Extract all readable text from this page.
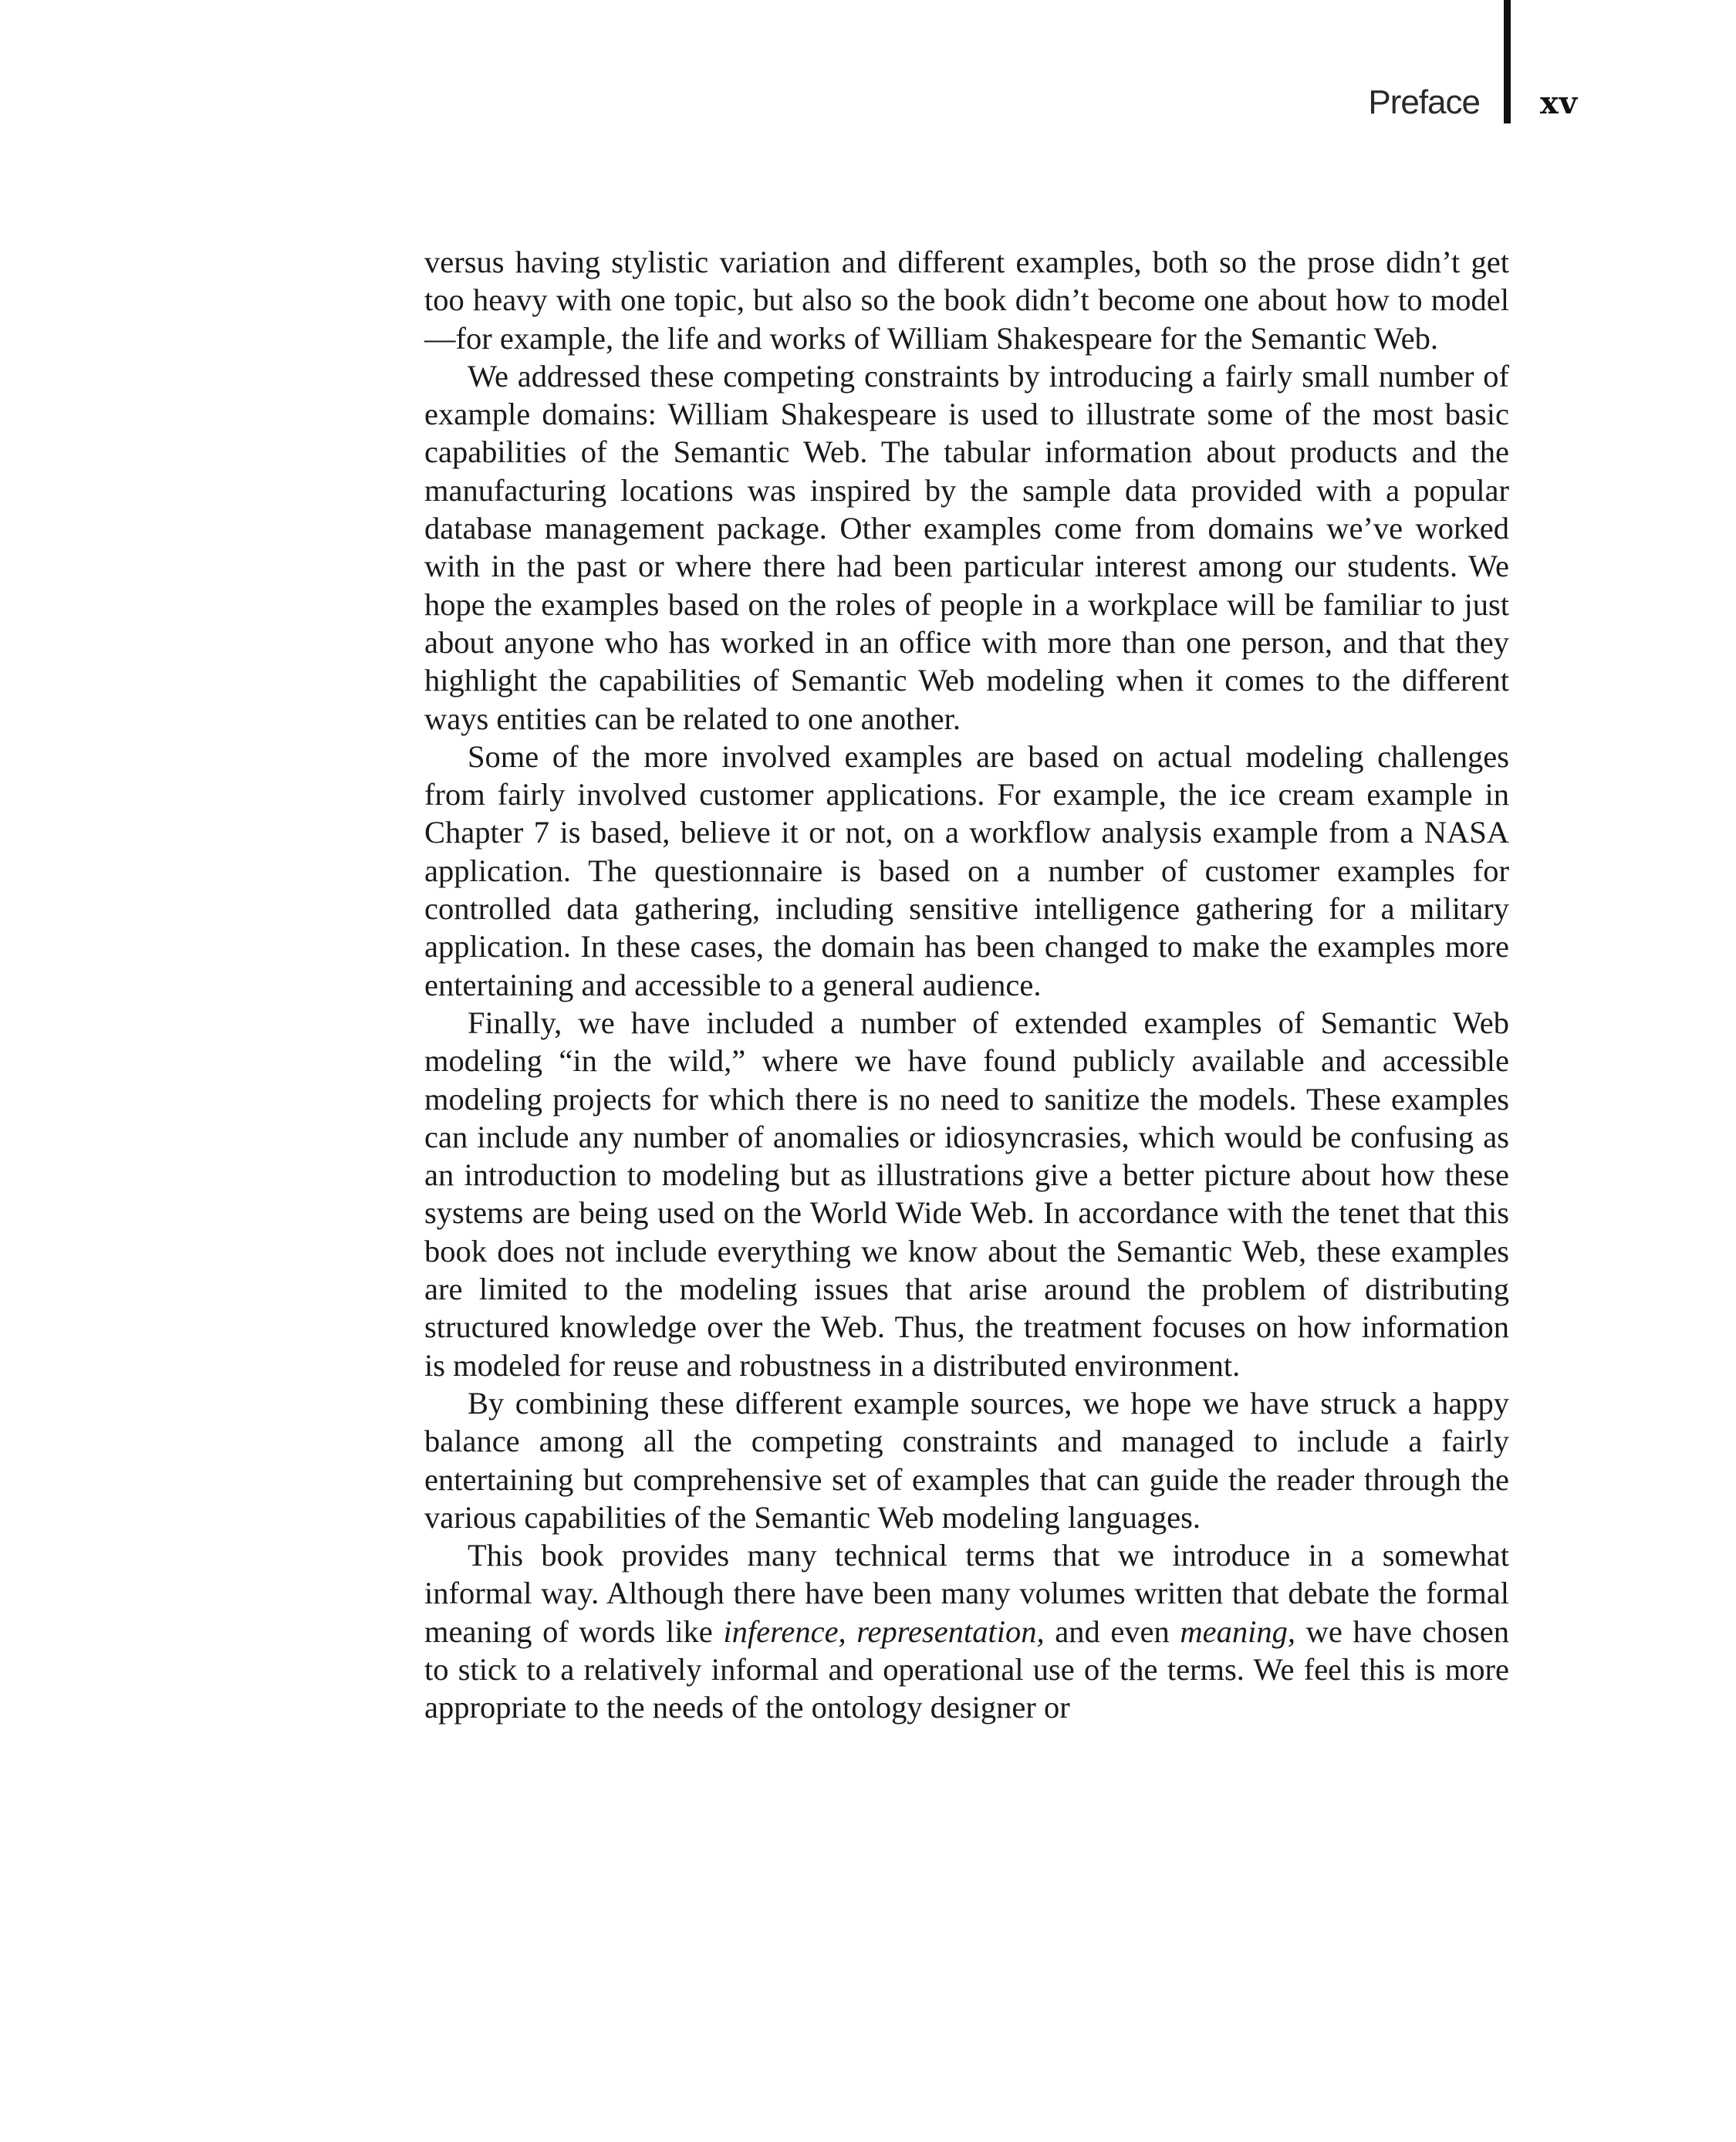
Preface xv

versus having stylistic variation and different examples, both so the prose didn’t get too heavy with one topic, but also so the book didn’t become one about how to model—for example, the life and works of William Shakespeare for the Semantic Web.

We addressed these competing constraints by introducing a fairly small number of example domains: William Shakespeare is used to illustrate some of the most basic capabilities of the Semantic Web. The tabular information about products and the manufacturing locations was inspired by the sample data provided with a popular database management package. Other examples come from domains we’ve worked with in the past or where there had been particular interest among our students. We hope the examples based on the roles of people in a workplace will be familiar to just about anyone who has worked in an office with more than one person, and that they highlight the capabilities of Semantic Web modeling when it comes to the different ways entities can be related to one another.

Some of the more involved examples are based on actual modeling challenges from fairly involved customer applications. For example, the ice cream example in Chapter 7 is based, believe it or not, on a workflow analysis example from a NASA application. The questionnaire is based on a number of customer examples for controlled data gathering, including sensitive intelligence gathering for a military application. In these cases, the domain has been changed to make the examples more entertaining and accessible to a general audience.

Finally, we have included a number of extended examples of Semantic Web modeling “in the wild,” where we have found publicly available and accessible modeling projects for which there is no need to sanitize the models. These examples can include any number of anomalies or idiosyncrasies, which would be confusing as an introduction to modeling but as illustrations give a better picture about how these systems are being used on the World Wide Web. In accordance with the tenet that this book does not include everything we know about the Semantic Web, these examples are limited to the modeling issues that arise around the problem of distributing structured knowledge over the Web. Thus, the treatment focuses on how information is modeled for reuse and robustness in a distributed environment.

By combining these different example sources, we hope we have struck a happy balance among all the competing constraints and managed to include a fairly entertaining but comprehensive set of examples that can guide the reader through the various capabilities of the Semantic Web modeling languages.

This book provides many technical terms that we introduce in a somewhat informal way. Although there have been many volumes written that debate the formal meaning of words like inference, representation, and even meaning, we have chosen to stick to a relatively informal and operational use of the terms. We feel this is more appropriate to the needs of the ontology designer or
